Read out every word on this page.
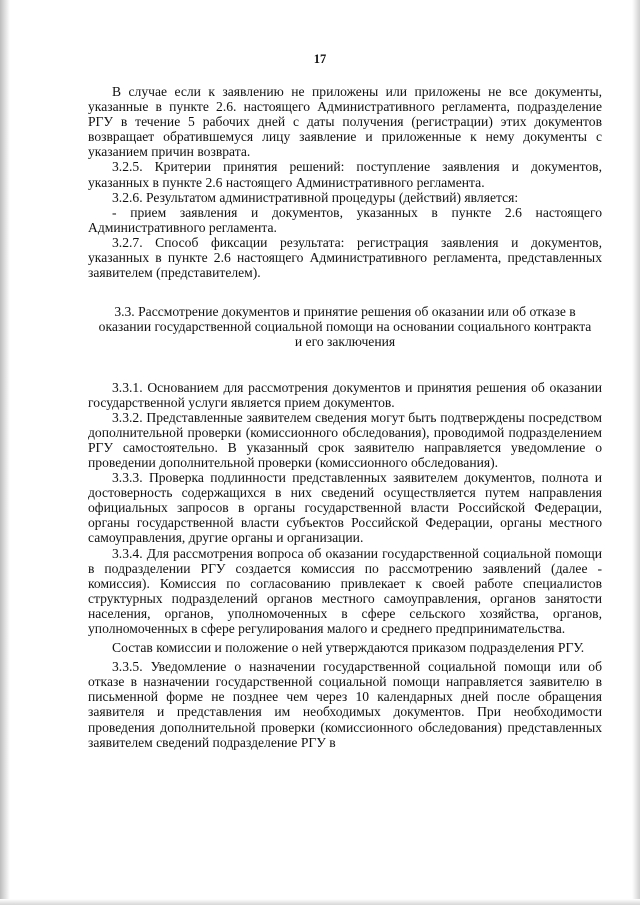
17

В случае если к заявлению не приложены или приложены не все документы, указанные в пункте 2.6. настоящего Административного регламента, подразделение РГУ в течение 5 рабочих дней с даты получения (регистрации) этих документов возвращает обратившемуся лицу заявление и приложенные к нему документы с указанием причин возврата.

3.2.5. Критерии принятия решений: поступление заявления и документов, указанных в пункте 2.6 настоящего Административного регламента.

3.2.6. Результатом административной процедуры (действий) является:

- прием заявления и документов, указанных в пункте 2.6 настоящего Административного регламента.

3.2.7. Способ фиксации результата: регистрация заявления и документов, указанных в пункте 2.6 настоящего Административного регламента, представленных заявителем (представителем).

3.3. Рассмотрение документов и принятие решения об оказании или об отказе в оказании государственной социальной помощи на основании социального контракта и его заключения

3.3.1. Основанием для рассмотрения документов и принятия решения об оказании государственной услуги является прием документов.

3.3.2. Представленные заявителем сведения могут быть подтверждены посредством дополнительной проверки (комиссионного обследования), проводимой подразделением РГУ самостоятельно. В указанный срок заявителю направляется уведомление о проведении дополнительной проверки (комиссионного обследования).

3.3.3. Проверка подлинности представленных заявителем документов, полнота и достоверность содержащихся в них сведений осуществляется путем направления официальных запросов в органы государственной власти Российской Федерации, органы государственной власти субъектов Российской Федерации, органы местного самоуправления, другие органы и организации.

3.3.4. Для рассмотрения вопроса об оказании государственной социальной помощи в подразделении РГУ создается комиссия по рассмотрению заявлений (далее - комиссия). Комиссия по согласованию привлекает к своей работе специалистов структурных подразделений органов местного самоуправления, органов занятости населения, органов, уполномоченных в сфере сельского хозяйства, органов, уполномоченных в сфере регулирования малого и среднего предпринимательства.

Состав комиссии и положение о ней утверждаются приказом подразделения РГУ.

3.3.5. Уведомление о назначении государственной социальной помощи или об отказе в назначении государственной социальной помощи направляется заявителю в письменной форме не позднее чем через 10 календарных дней после обращения заявителя и представления им необходимых документов. При необходимости проведения дополнительной проверки (комиссионного обследования) представленных заявителем сведений подразделение РГУ в
